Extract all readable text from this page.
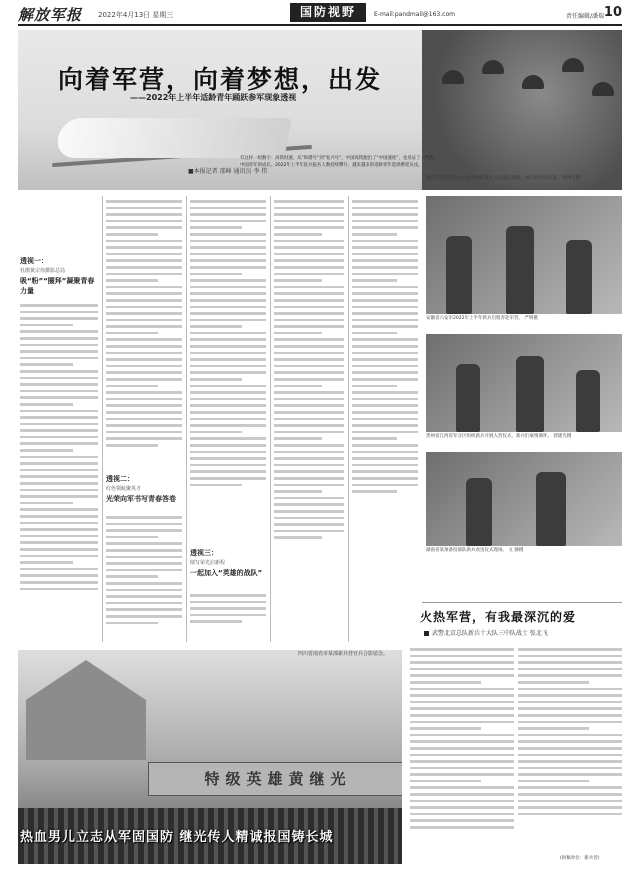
解放军报 2022年4月13日 星期三	国防视野	E-mail:pandmail@163.com	责任编辑/潘瑞 10
向着军营，向着梦想，出发
——2022年上半年适龄青年踊跃参军现象透视
■本报记者 邵峰 通讯员 李 伟
有这样一组数字：高铁时速，从“和谐号”到“复兴号”，中国高铁跑出了“中国速度”，也见证了一代代中国青年的成长。2022年上半年征兵报名人数持续攀升，越来越多的适龄青年选择携笔从戎。
浙江省军区应急大队新兵组织战斗力实战化训练，展示新兵员风采。 黄两生摄
透视一：
杜鹃黄宗伟摄影总局
吸“粉”“圈拜”凝聚青春力量
透视二：
红色领航聚英才
光荣向军书写青春答卷
透视三：
续写荣光启新程
一起加入“英雄的战队”
安徽省六安市2022年上半年新兵启程奔赴军营。 严明摄
贵州省江西省军分区组织新兵开展入营仪式，新兵们豪情满怀。 郭建光摄
湖南省某预备役部队新兵欢送仪式现场。 文 静摄
火热军营，有我最深沉的爱
武警北京总队新兵十大队三中队战士 张北飞
(供稿单位：新兵营)
特级英雄黄继光
热血男儿立志从军固国防 继光传人精诚报国铸长城
四川省南充市某部新兵营官兵合影留念。
